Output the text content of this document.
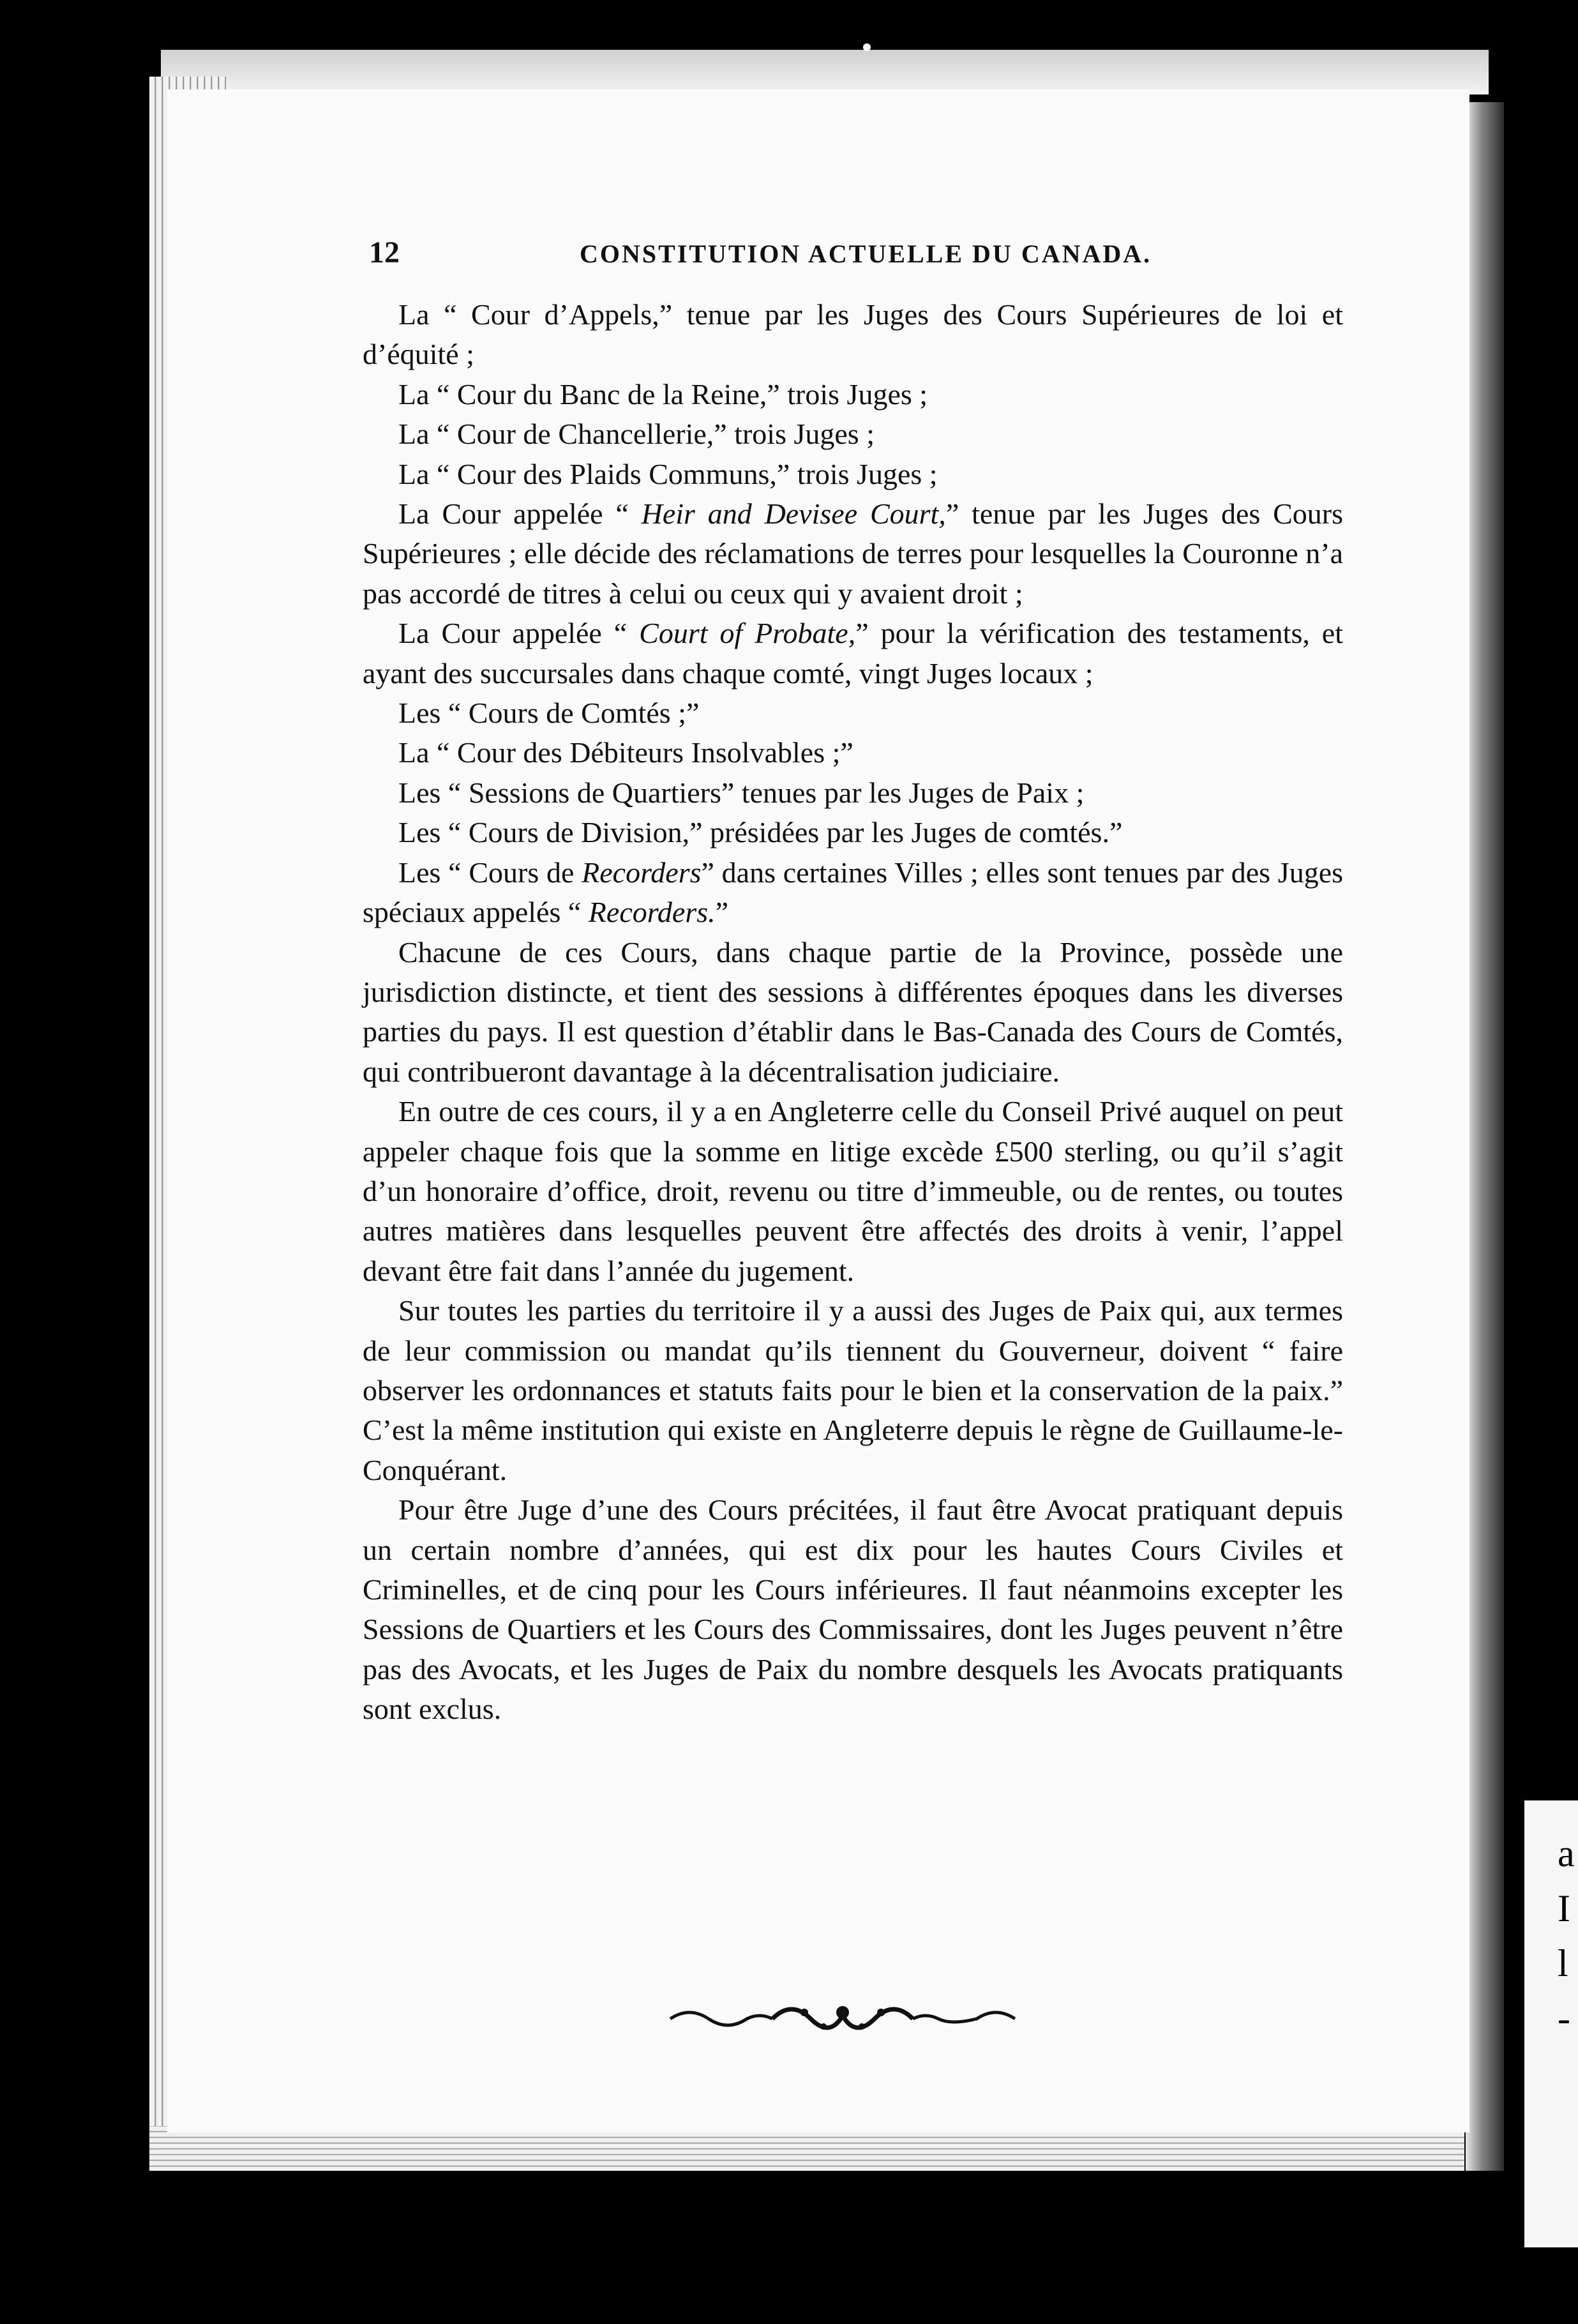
a
I
l
-
12	CONSTITUTION ACTUELLE DU CANADA.

La “ Cour d’Appels,” tenue par les Juges des Cours Supérieures de loi et d’équité ;

La “ Cour du Banc de la Reine,” trois Juges ;

La “ Cour de Chancellerie,” trois Juges ;

La “ Cour des Plaids Communs,” trois Juges ;

La Cour appelée “ Heir and Devisee Court,” tenue par les Juges des Cours Supérieures ; elle décide des réclamations de terres pour lesquelles la Couronne n’a pas accordé de titres à celui ou ceux qui y avaient droit ;

La Cour appelée “ Court of Probate,” pour la vérification des testaments, et ayant des succursales dans chaque comté, vingt Juges locaux ;

Les “ Cours de Comtés ;”

La “ Cour des Débiteurs Insolvables ;”

Les “ Sessions de Quartiers” tenues par les Juges de Paix ;

Les “ Cours de Division,” présidées par les Juges de comtés.”

Les “ Cours de Recorders” dans certaines Villes ; elles sont tenues par des Juges spéciaux appelés “ Recorders.”

Chacune de ces Cours, dans chaque partie de la Province, possède une jurisdiction distincte, et tient des sessions à différentes époques dans les diverses parties du pays. Il est question d’établir dans le Bas-Canada des Cours de Comtés, qui contribueront davantage à la décentralisation judiciaire.

En outre de ces cours, il y a en Angleterre celle du Conseil Privé auquel on peut appeler chaque fois que la somme en litige excède £500 sterling, ou qu’il s’agit d’un honoraire d’office, droit, revenu ou titre d’immeuble, ou de rentes, ou toutes autres matières dans lesquelles peuvent être affectés des droits à venir, l’appel devant être fait dans l’année du jugement.

Sur toutes les parties du territoire il y a aussi des Juges de Paix qui, aux termes de leur commission ou mandat qu’ils tiennent du Gouverneur, doivent “ faire observer les ordonnances et statuts faits pour le bien et la conservation de la paix.” C’est la même institution qui existe en Angleterre depuis le règne de Guillaume-le-Conquérant.

Pour être Juge d’une des Cours précitées, il faut être Avocat pratiquant depuis un certain nombre d’années, qui est dix pour les hautes Cours Civiles et Criminelles, et de cinq pour les Cours inférieures. Il faut néanmoins excepter les Sessions de Quartiers et les Cours des Commissaires, dont les Juges peuvent n’être pas des Avocats, et les Juges de Paix du nombre desquels les Avocats pratiquants sont exclus.
